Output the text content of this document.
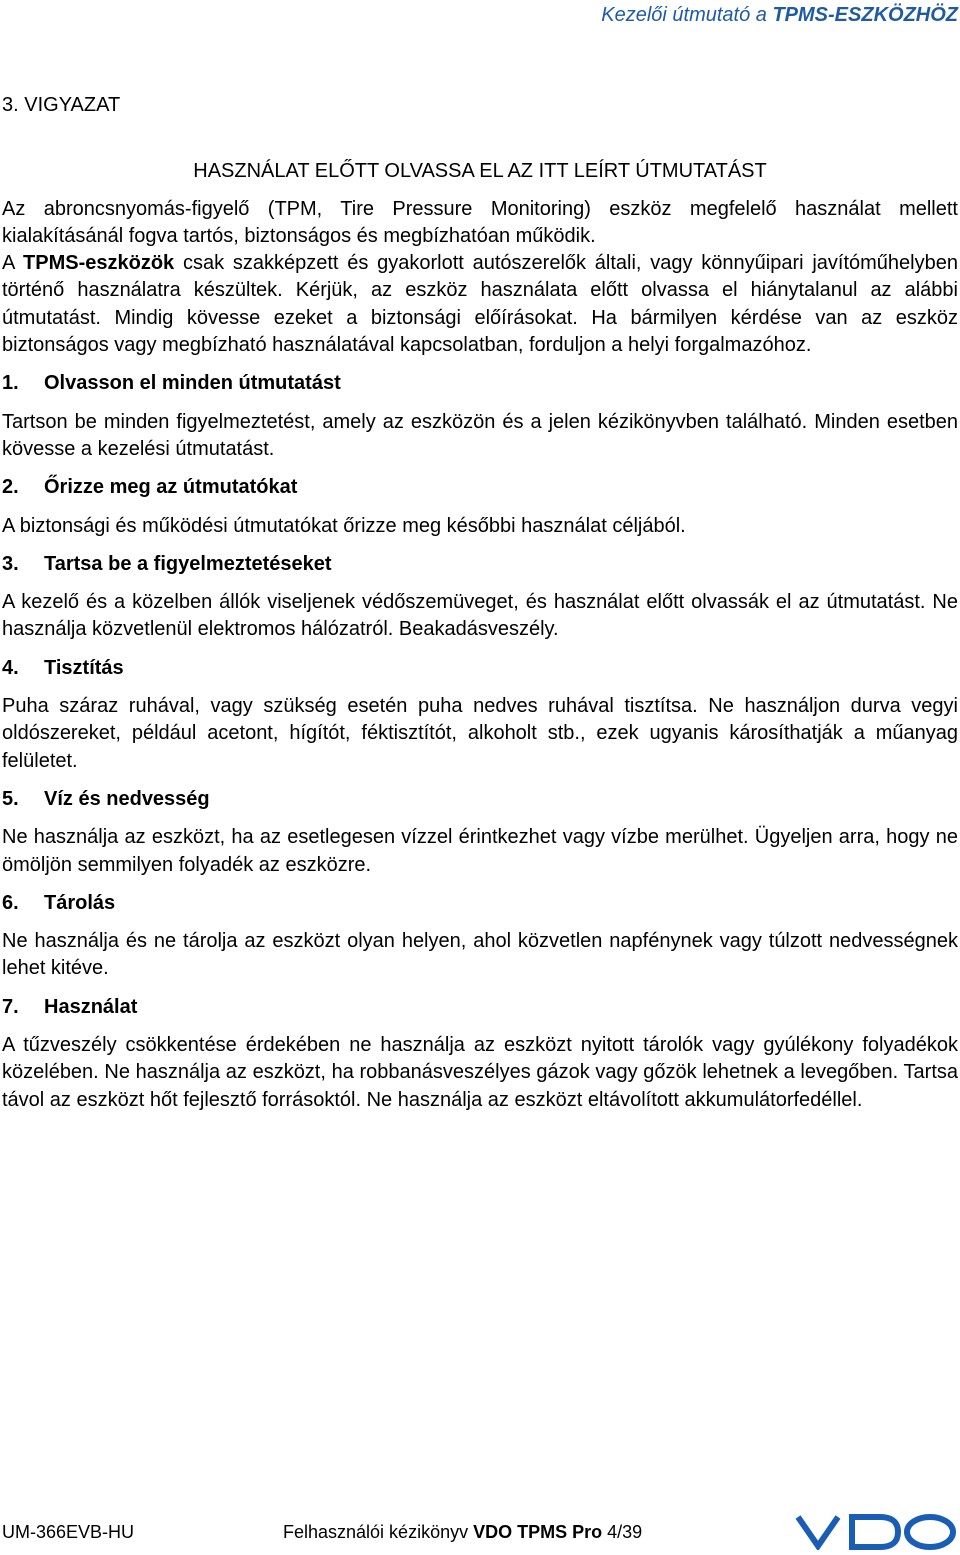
Kezelői útmutató a TPMS-ESZKÖZHÖZ
3. VIGYAZAT
HASZNÁLAT ELŐTT OLVASSA EL AZ ITT LEÍRT ÚTMUTATÁST

Az abroncsnyomás-figyelő (TPM, Tire Pressure Monitoring) eszköz megfelelő használat mellett kialakításánál fogva tartós, biztonságos és megbízhatóan működik.

A TPMS-eszközök csak szakképzett és gyakorlott autószerelők általi, vagy könnyűipari javítóműhelyben történő használatra készültek. Kérjük, az eszköz használata előtt olvassa el hiánytalanul az alábbi útmutatást. Mindig kövesse ezeket a biztonsági előírásokat. Ha bármilyen kérdése van az eszköz biztonságos vagy megbízható használatával kapcsolatban, forduljon a helyi forgalmazóhoz.

1. Olvasson el minden útmutatást

Tartson be minden figyelmeztetést, amely az eszközön és a jelen kézikönyvben található. Minden esetben kövesse a kezelési útmutatást.

2. Őrizze meg az útmutatókat

A biztonsági és működési útmutatókat őrizze meg későbbi használat céljából.

3. Tartsa be a figyelmeztetéseket

A kezelő és a közelben állók viseljenek védőszemüveget, és használat előtt olvassák el az útmutatást. Ne használja közvetlenül elektromos hálózatról. Beakadásveszély.

4. Tisztítás

Puha száraz ruhával, vagy szükség esetén puha nedves ruhával tisztítsa. Ne használjon durva vegyi oldószereket, például acetont, hígítót, féktisztítót, alkoholt stb., ezek ugyanis károsíthatják a műanyag felületet.

5. Víz és nedvesség

Ne használja az eszközt, ha az esetlegesen vízzel érintkezhet vagy vízbe merülhet. Ügyeljen arra, hogy ne ömöljön semmilyen folyadék az eszközre.

6. Tárolás

Ne használja és ne tárolja az eszközt olyan helyen, ahol közvetlen napfénynek vagy túlzott nedvességnek lehet kitéve.

7. Használat

A tűzveszély csökkentése érdekében ne használja az eszközt nyitott tárolók vagy gyúlékony folyadékok közelében. Ne használja az eszközt, ha robbanásveszélyes gázok vagy gőzök lehetnek a levegőben. Tartsa távol az eszközt hőt fejlesztő forrásoktól. Ne használja az eszközt eltávolított akkumulátorfedéllel.

UM-366EVB-HU	Felhasználói kézikönyv VDO TPMS Pro 4/39
